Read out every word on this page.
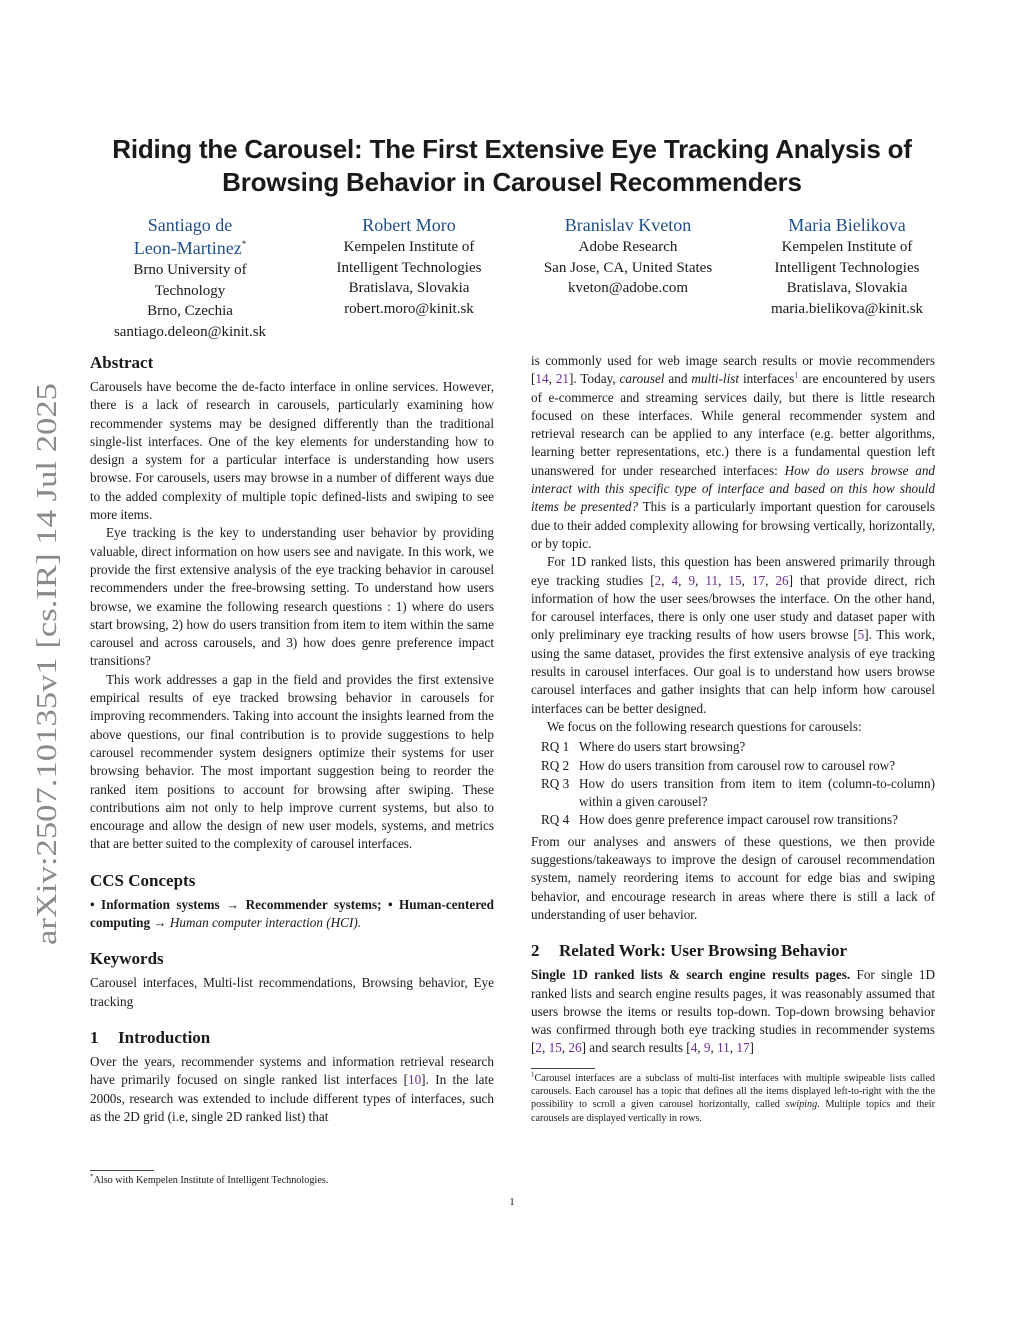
arXiv:2507.10135v1 [cs.IR] 14 Jul 2025
Riding the Carousel: The First Extensive Eye Tracking Analysis of Browsing Behavior in Carousel Recommenders
Santiago de
Leon-Martinez*
Brno University of
Technology
Brno, Czechia
santiago.deleon@kinit.sk
Robert Moro
Kempelen Institute of
Intelligent Technologies
Bratislava, Slovakia
robert.moro@kinit.sk
Branislav Kveton
Adobe Research
San Jose, CA, United States
kveton@adobe.com
Maria Bielikova
Kempelen Institute of
Intelligent Technologies
Bratislava, Slovakia
maria.bielikova@kinit.sk
Abstract

Carousels have become the de-facto interface in online services. However, there is a lack of research in carousels, particularly examining how recommender systems may be designed differently than the traditional single-list interfaces. One of the key elements for understanding how to design a system for a particular interface is understanding how users browse. For carousels, users may browse in a number of different ways due to the added complexity of multiple topic defined-lists and swiping to see more items.

Eye tracking is the key to understanding user behavior by providing valuable, direct information on how users see and navigate. In this work, we provide the first extensive analysis of the eye tracking behavior in carousel recommenders under the free-browsing setting. To understand how users browse, we examine the following research questions : 1) where do users start browsing, 2) how do users transition from item to item within the same carousel and across carousels, and 3) how does genre preference impact transitions?

This work addresses a gap in the field and provides the first extensive empirical results of eye tracked browsing behavior in carousels for improving recommenders. Taking into account the insights learned from the above questions, our final contribution is to provide suggestions to help carousel recommender system designers optimize their systems for user browsing behavior. The most important suggestion being to reorder the ranked item positions to account for browsing after swiping. These contributions aim not only to help improve current systems, but also to encourage and allow the design of new user models, systems, and metrics that are better suited to the complexity of carousel interfaces.

CCS Concepts

• Information systems → Recommender systems; • Human-centered computing → Human computer interaction (HCI).

Keywords

Carousel interfaces, Multi-list recommendations, Browsing behavior, Eye tracking

1 Introduction

Over the years, recommender systems and information retrieval research have primarily focused on single ranked list interfaces [10]. In the late 2000s, research was extended to include different types of interfaces, such as the 2D grid (i.e, single 2D ranked list) that

*Also with Kempelen Institute of Intelligent Technologies.

is commonly used for web image search results or movie recommenders [14, 21]. Today, carousel and multi-list interfaces$^1$ are encountered by users of e-commerce and streaming services daily, but there is little research focused on these interfaces. While general recommender system and retrieval research can be applied to any interface (e.g. better algorithms, learning better representations, etc.) there is a fundamental question left unanswered for under researched interfaces: How do users browse and interact with this specific type of interface and based on this how should items be presented? This is a particularly important question for carousels due to their added complexity allowing for browsing vertically, horizontally, or by topic.

For 1D ranked lists, this question has been answered primarily through eye tracking studies [2, 4, 9, 11, 15, 17, 26] that provide direct, rich information of how the user sees/browses the interface. On the other hand, for carousel interfaces, there is only one user study and dataset paper with only preliminary eye tracking results of how users browse [5]. This work, using the same dataset, provides the first extensive analysis of eye tracking results in carousel interfaces. Our goal is to understand how users browse carousel interfaces and gather insights that can help inform how carousel interfaces can be better designed.

We focus on the following research questions for carousels:

RQ 1 Where do users start browsing?
RQ 2 How do users transition from carousel row to carousel row?
RQ 3 How do users transition from item to item (column-to-column) within a given carousel?
RQ 4 How does genre preference impact carousel row transitions?

From our analyses and answers of these questions, we then provide suggestions/takeaways to improve the design of carousel recommendation system, namely reordering items to account for edge bias and swiping behavior, and encourage research in areas where there is still a lack of understanding of user behavior.

2 Related Work: User Browsing Behavior

Single 1D ranked lists & search engine results pages. For single 1D ranked lists and search engine results pages, it was reasonably assumed that users browse the items or results top-down. Top-down browsing behavior was confirmed through both eye tracking studies in recommender systems [2, 15, 26] and search results [4, 9, 11, 17]

$^1$Carousel interfaces are a subclass of multi-list interfaces with multiple swipeable lists called carousels. Each carousel has a topic that defines all the items displayed left-to-right with the the possibility to scroll a given carousel horizontally, called swiping. Multiple topics and their carousels are displayed vertically in rows.
1
